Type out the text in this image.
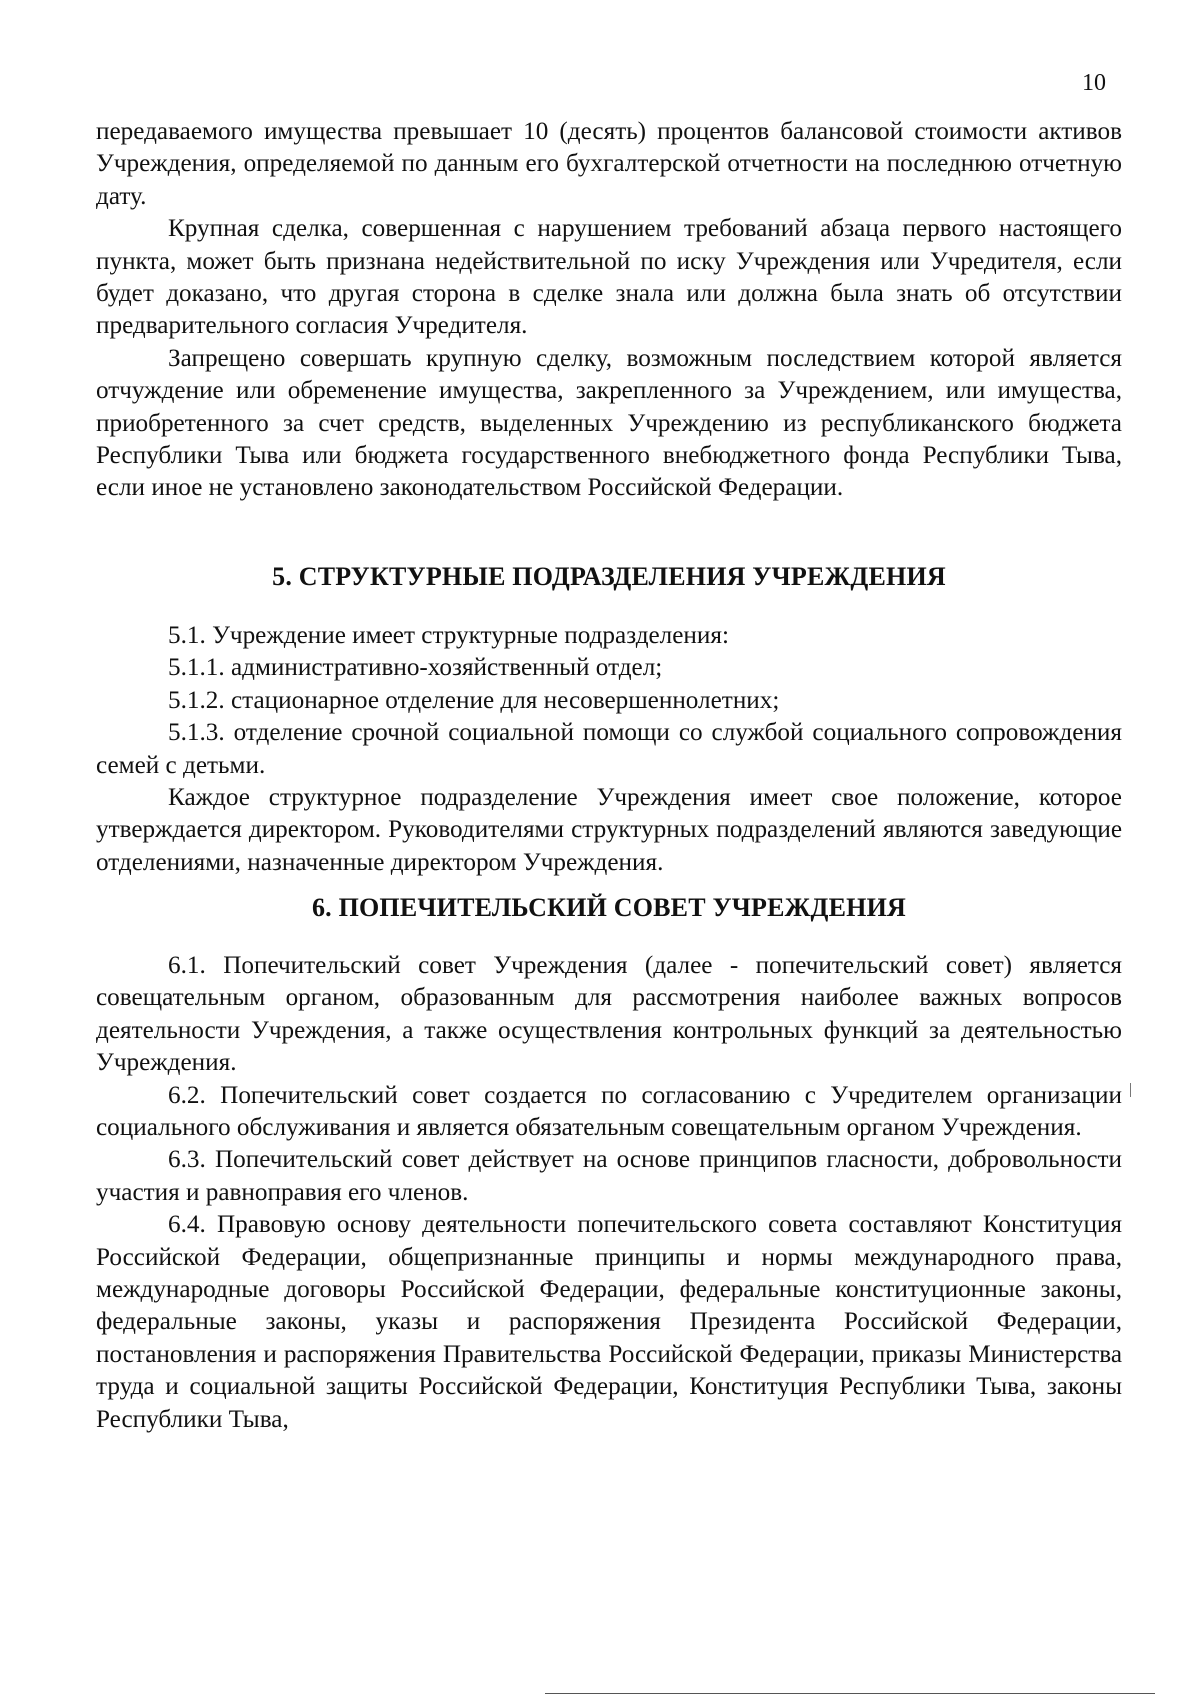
10

передаваемого имущества превышает 10 (десять) процентов балансовой стоимости активов Учреждения, определяемой по данным его бухгалтерской отчетности на последнюю отчетную дату.

Крупная сделка, совершенная с нарушением требований абзаца первого настоящего пункта, может быть признана недействительной по иску Учреждения или Учредителя, если будет доказано, что другая сторона в сделке знала или должна была знать об отсутствии предварительного согласия Учредителя.

Запрещено совершать крупную сделку, возможным последствием которой является отчуждение или обременение имущества, закрепленного за Учреждением, или имущества, приобретенного за счет средств, выделенных Учреждению из республиканского бюджета Республики Тыва или бюджета государственного внебюджетного фонда Республики Тыва, если иное не установлено законодательством Российской Федерации.

5. СТРУКТУРНЫЕ ПОДРАЗДЕЛЕНИЯ УЧРЕЖДЕНИЯ

5.1. Учреждение имеет структурные подразделения:

5.1.1. административно-хозяйственный отдел;

5.1.2. стационарное отделение для несовершеннолетних;

5.1.3. отделение срочной социальной помощи со службой социального сопровождения семей с детьми.

Каждое структурное подразделение Учреждения имеет свое положение, которое утверждается директором. Руководителями структурных подразделений являются заведующие отделениями, назначенные директором Учреждения.

6. ПОПЕЧИТЕЛЬСКИЙ СОВЕТ УЧРЕЖДЕНИЯ

6.1. Попечительский совет Учреждения (далее - попечительский совет) является совещательным органом, образованным для рассмотрения наиболее важных вопросов деятельности Учреждения, а также осуществления контрольных функций за деятельностью Учреждения.

6.2. Попечительский совет создается по согласованию с Учредителем организации социального обслуживания и является обязательным совещательным органом Учреждения.

6.3. Попечительский совет действует на основе принципов гласности, добровольности участия и равноправия его членов.

6.4. Правовую основу деятельности попечительского совета составляют Конституция Российской Федерации, общепризнанные принципы и нормы международного права, международные договоры Российской Федерации, федеральные конституционные законы, федеральные законы, указы и распоряжения Президента Российской Федерации, постановления и распоряжения Правительства Российской Федерации, приказы Министерства труда и социальной защиты Российской Федерации, Конституция Республики Тыва, законы Республики Тыва,
